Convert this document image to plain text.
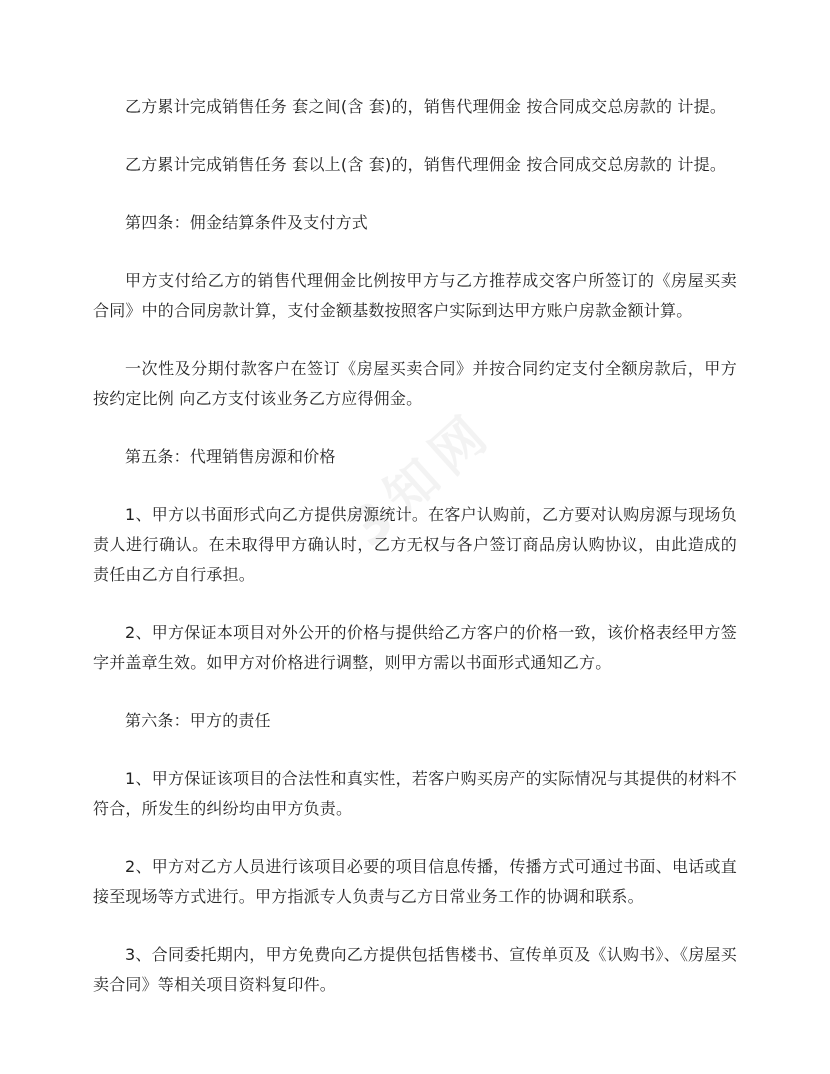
3知网

乙方累计完成销售任务 套之间(含 套)的，销售代理佣金 按合同成交总房款的 计提。

乙方累计完成销售任务 套以上(含 套)的，销售代理佣金 按合同成交总房款的 计提。

第四条：佣金结算条件及支付方式

甲方支付给乙方的销售代理佣金比例按甲方与乙方推荐成交客户所签订的《房屋买卖合同》中的合同房款计算，支付金额基数按照客户实际到达甲方账户房款金额计算。

一次性及分期付款客户在签订《房屋买卖合同》并按合同约定支付全额房款后，甲方按约定比例 向乙方支付该业务乙方应得佣金。

第五条：代理销售房源和价格

1、甲方以书面形式向乙方提供房源统计。在客户认购前，乙方要对认购房源与现场负责人进行确认。在未取得甲方确认时，乙方无权与各户签订商品房认购协议，由此造成的责任由乙方自行承担。

2、甲方保证本项目对外公开的价格与提供给乙方客户的价格一致，该价格表经甲方签字并盖章生效。如甲方对价格进行调整，则甲方需以书面形式通知乙方。

第六条：甲方的责任

1、甲方保证该项目的合法性和真实性，若客户购买房产的实际情况与其提供的材料不符合，所发生的纠纷均由甲方负责。

2、甲方对乙方人员进行该项目必要的项目信息传播，传播方式可通过书面、电话或直接至现场等方式进行。甲方指派专人负责与乙方日常业务工作的协调和联系。

3、合同委托期内，甲方免费向乙方提供包括售楼书、宣传单页及《认购书》、《房屋买卖合同》等相关项目资料复印件。
